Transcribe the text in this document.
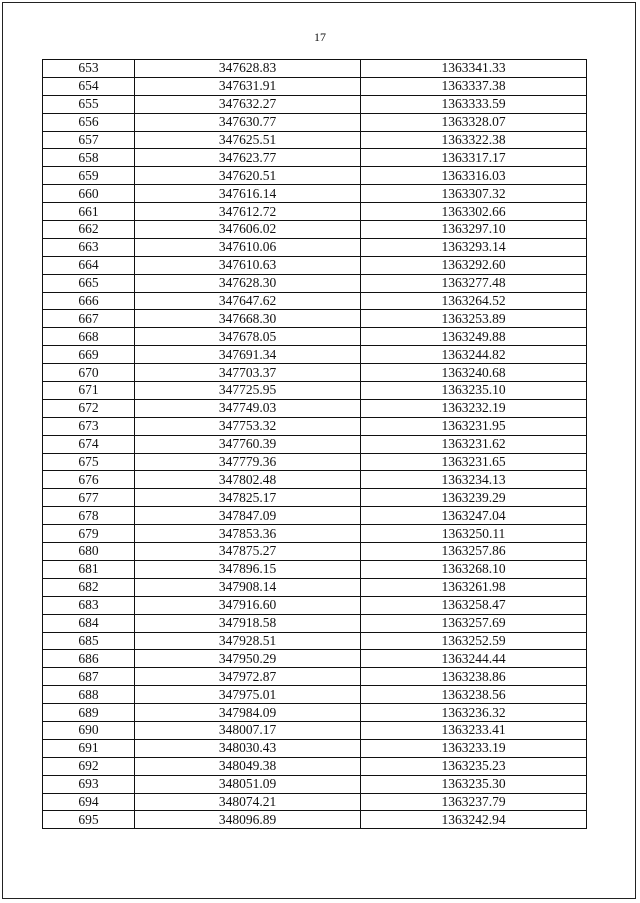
17
653	347628.83	1363341.33
654	347631.91	1363337.38
655	347632.27	1363333.59
656	347630.77	1363328.07
657	347625.51	1363322.38
658	347623.77	1363317.17
659	347620.51	1363316.03
660	347616.14	1363307.32
661	347612.72	1363302.66
662	347606.02	1363297.10
663	347610.06	1363293.14
664	347610.63	1363292.60
665	347628.30	1363277.48
666	347647.62	1363264.52
667	347668.30	1363253.89
668	347678.05	1363249.88
669	347691.34	1363244.82
670	347703.37	1363240.68
671	347725.95	1363235.10
672	347749.03	1363232.19
673	347753.32	1363231.95
674	347760.39	1363231.62
675	347779.36	1363231.65
676	347802.48	1363234.13
677	347825.17	1363239.29
678	347847.09	1363247.04
679	347853.36	1363250.11
680	347875.27	1363257.86
681	347896.15	1363268.10
682	347908.14	1363261.98
683	347916.60	1363258.47
684	347918.58	1363257.69
685	347928.51	1363252.59
686	347950.29	1363244.44
687	347972.87	1363238.86
688	347975.01	1363238.56
689	347984.09	1363236.32
690	348007.17	1363233.41
691	348030.43	1363233.19
692	348049.38	1363235.23
693	348051.09	1363235.30
694	348074.21	1363237.79
695	348096.89	1363242.94
